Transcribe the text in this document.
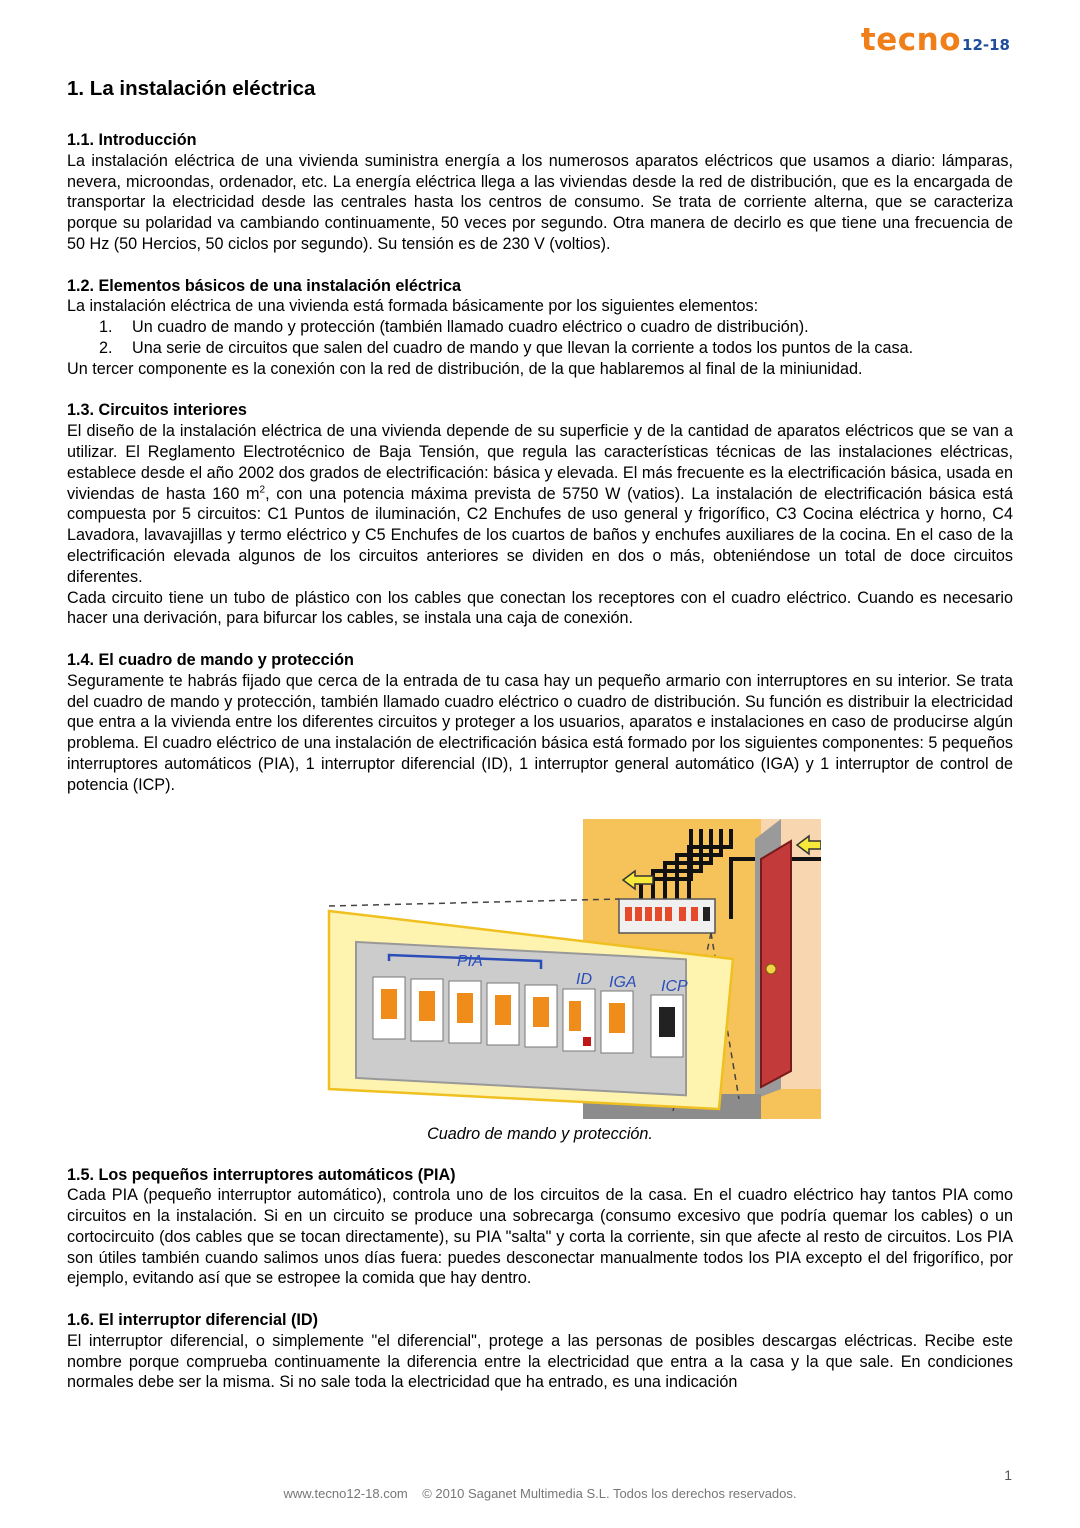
tecno12-18
1. La instalación eléctrica
1.1. Introducción

La instalación eléctrica de una vivienda suministra energía a los numerosos aparatos eléctricos que usamos a diario: lámparas, nevera, microondas, ordenador, etc. La energía eléctrica llega a las viviendas desde la red de distribución, que es la encargada de transportar la electricidad desde las centrales hasta los centros de consumo. Se trata de corriente alterna, que se caracteriza porque su polaridad va cambiando continuamente, 50 veces por segundo. Otra manera de decirlo es que tiene una frecuencia de 50 Hz (50 Hercios, 50 ciclos por segundo). Su tensión es de 230 V (voltios).

1.2. Elementos básicos de una instalación eléctrica

La instalación eléctrica de una vivienda está formada básicamente por los siguientes elementos:

1.	Un cuadro de mando y protección (también llamado cuadro eléctrico o cuadro de distribución).
2.	Una serie de circuitos que salen del cuadro de mando y que llevan la corriente a todos los puntos de la casa.

Un tercer componente es la conexión con la red de distribución, de la que hablaremos al final de la miniunidad.

1.3. Circuitos interiores

El diseño de la instalación eléctrica de una vivienda depende de su superficie y de la cantidad de aparatos eléctricos que se van a utilizar. El Reglamento Electrotécnico de Baja Tensión, que regula las características técnicas de las instalaciones eléctricas, establece desde el año 2002 dos grados de electrificación: básica y elevada. El más frecuente es la electrificación básica, usada en viviendas de hasta 160 $m^2$, con una potencia máxima prevista de 5750 W (vatios). La instalación de electrificación básica está compuesta por 5 circuitos: C1 Puntos de iluminación, C2 Enchufes de uso general y frigorífico, C3 Cocina eléctrica y horno, C4 Lavadora, lavavajillas y termo eléctrico y C5 Enchufes de los cuartos de baños y enchufes auxiliares de la cocina. En el caso de la electrificación elevada algunos de los circuitos anteriores se dividen en dos o más, obteniéndose un total de doce circuitos diferentes.

Cada circuito tiene un tubo de plástico con los cables que conectan los receptores con el cuadro eléctrico. Cuando es necesario hacer una derivación, para bifurcar los cables, se instala una caja de conexión.

1.4. El cuadro de mando y protección

Seguramente te habrás fijado que cerca de la entrada de tu casa hay un pequeño armario con interruptores en su interior. Se trata del cuadro de mando y protección, también llamado cuadro eléctrico o cuadro de distribución. Su función es distribuir la electricidad que entra a la vivienda entre los diferentes circuitos y proteger a los usuarios, aparatos e instalaciones en caso de producirse algún problema. El cuadro eléctrico de una instalación de electrificación básica está formado por los siguientes componentes: 5 pequeños interruptores automáticos (PIA), 1 interruptor diferencial (ID), 1 interruptor general automático (IGA) y 1 interruptor de control de potencia (ICP).

PIA
ID IGA ICP
Cuadro de mando y protección.
1.5. Los pequeños interruptores automáticos (PIA)

Cada PIA (pequeño interruptor automático), controla uno de los circuitos de la casa. En el cuadro eléctrico hay tantos PIA como circuitos en la instalación. Si en un circuito se produce una sobrecarga (consumo excesivo que podría quemar los cables) o un cortocircuito (dos cables que se tocan directamente), su PIA "salta" y corta la corriente, sin que afecte al resto de circuitos. Los PIA son útiles también cuando salimos unos días fuera: puedes desconectar manualmente todos los PIA excepto el del frigorífico, por ejemplo, evitando así que se estropee la comida que hay dentro.

1.6. El interruptor diferencial (ID)

El interruptor diferencial, o simplemente "el diferencial", protege a las personas de posibles descargas eléctricas. Recibe este nombre porque comprueba continuamente la diferencia entre la electricidad que entra a la casa y la que sale. En condiciones normales debe ser la misma. Si no sale toda la electricidad que ha entrado, es una indicación

1
www.tecno12-18.com © 2010 Saganet Multimedia S.L. Todos los derechos reservados.
